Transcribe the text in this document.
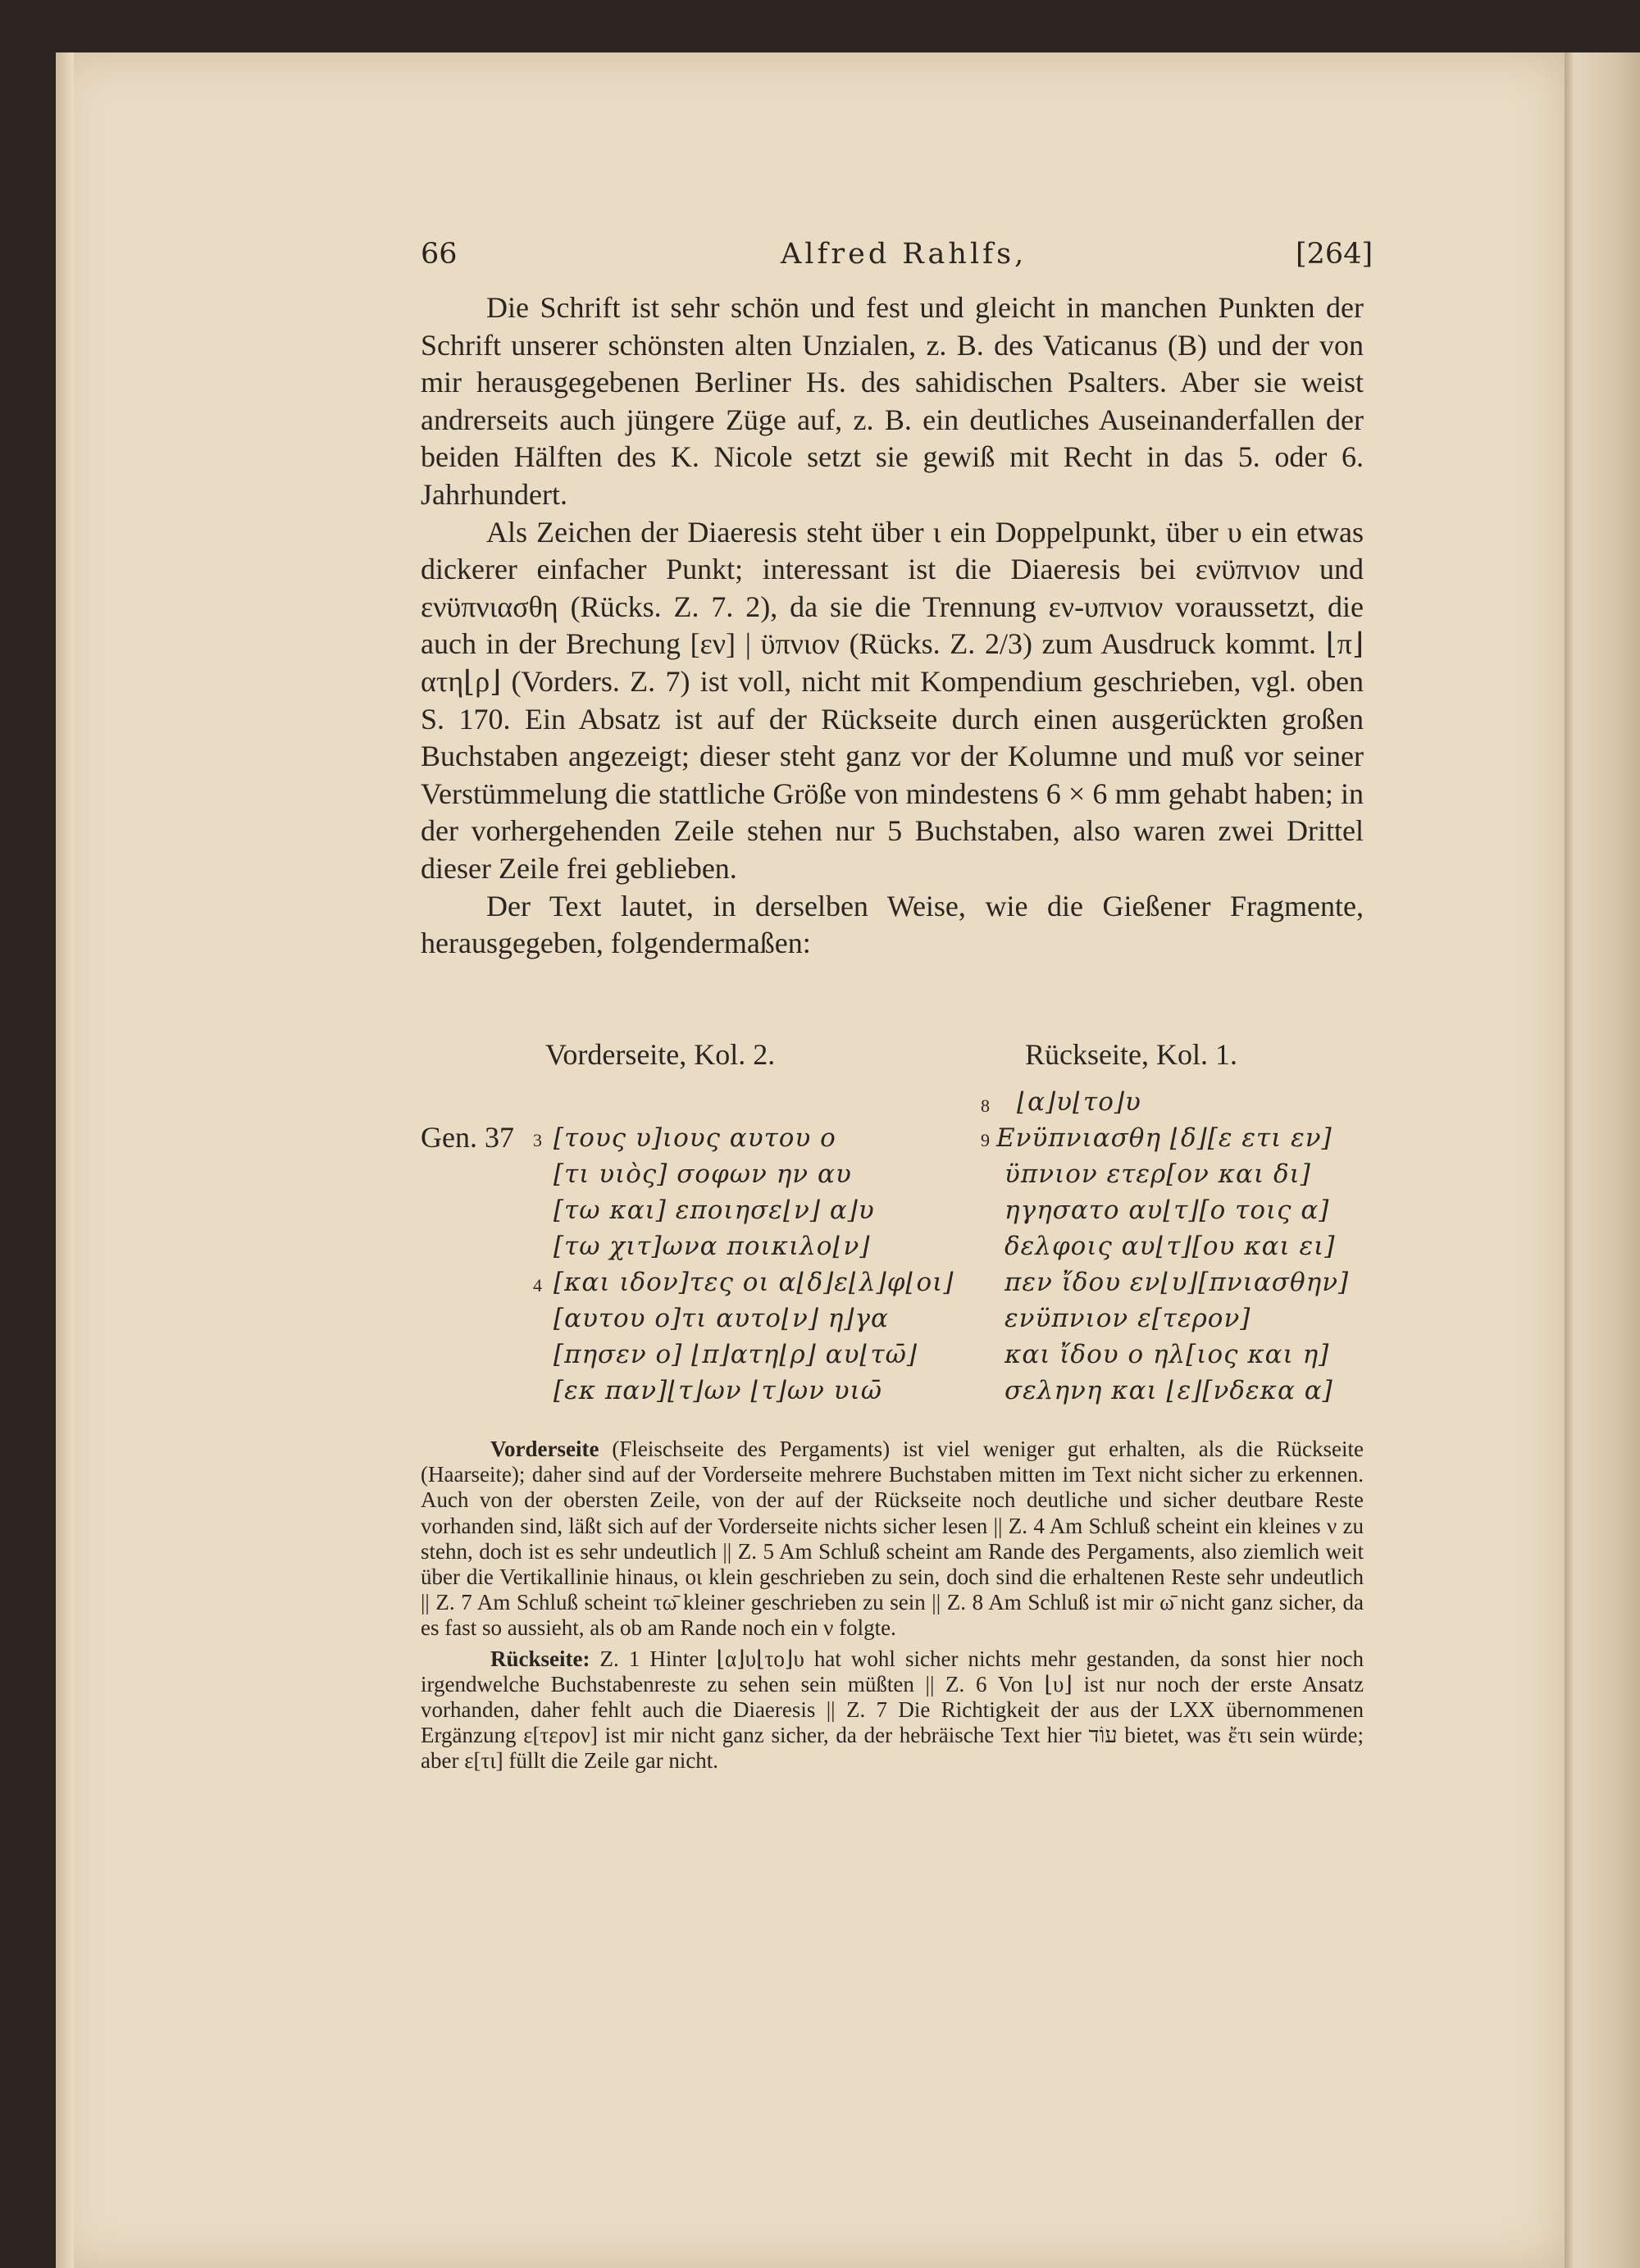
66	Alfred Rahlfs,	[264]

Die Schrift ist sehr schön und fest und gleicht in manchen Punkten der Schrift unserer schönsten alten Unzialen, z. B. des Vaticanus (B) und der von mir herausgegebenen Berliner Hs. des sahidischen Psalters. Aber sie weist andrerseits auch jüngere Züge auf, z. B. ein deutliches Auseinanderfallen der beiden Hälften des K. Nicole setzt sie gewiß mit Recht in das 5. oder 6. Jahrhundert.

Als Zeichen der Diaeresis steht über ι ein Doppelpunkt, über υ ein etwas dickerer einfacher Punkt; interessant ist die Diaeresis bei ενϋπνιον und ενϋπνιασθη (Rücks. Z. 7. 2), da sie die Trennung εν-υπνιον voraussetzt, die auch in der Brechung [εν] | ϋπνιον (Rücks. Z. 2/3) zum Ausdruck kommt. ⌊π⌋ατη⌊ρ⌋ (Vorders. Z. 7) ist voll, nicht mit Kompendium geschrieben, vgl. oben S. 170. Ein Absatz ist auf der Rückseite durch einen ausgerückten großen Buchstaben angezeigt; dieser steht ganz vor der Kolumne und muß vor seiner Verstümmelung die stattliche Größe von mindestens 6 × 6 mm gehabt haben; in der vorhergehenden Zeile stehen nur 5 Buchstaben, also waren zwei Drittel dieser Zeile frei geblieben.

Der Text lautet, in derselben Weise, wie die Gießener Fragmente, herausgegeben, folgendermaßen:

Vorderseite, Kol. 2.	Rückseite, Kol. 1.
Gen. 37 3 [τους υ]ιους αυτου ο
[τι υιὸς] σοφων ην αυ
[τω και] εποιησε⌊ν⌋ α⌋υ
[τω χιτ]ωνα ποικιλο⌊ν⌋
4 [και ιδον]τες οι α⌊δ⌋ε⌊λ⌋φ⌊οι⌋
[αυτου ο]τι αυτο⌊ν⌋ η⌋γα
[πησεν ο] ⌊π⌋ατη⌊ρ⌋ αυ⌊τω̄⌋
[εκ παν]⌊τ⌋ων ⌊τ⌋ων υιω̄
8 ⌊α⌋υ⌊το⌋υ
9 Ενϋπνιασθη ⌊δ⌋[ε ετι εν]
ϋπνιον ετερ[ον και δι]
ηγησατο αυ⌊τ⌋[ο τοις α]
δελφοις αυ⌊τ⌋[ου και ει]
πεν ἴδου εν⌊υ⌋[πνιασθην]
ενϋπνιον ε[τερον]
και ἴδου ο ηλ[ιος και η]
σεληνη και ⌊ε⌋[νδεκα α]

Vorderseite (Fleischseite des Pergaments) ist viel weniger gut erhalten, als die Rückseite (Haarseite); daher sind auf der Vorderseite mehrere Buchstaben mitten im Text nicht sicher zu erkennen. Auch von der obersten Zeile, von der auf der Rückseite noch deutliche und sicher deutbare Reste vorhanden sind, läßt sich auf der Vorderseite nichts sicher lesen || Z. 4 Am Schluß scheint ein kleines ν zu stehn, doch ist es sehr undeutlich || Z. 5 Am Schluß scheint am Rande des Pergaments, also ziemlich weit über die Vertikallinie hinaus, οι klein geschrieben zu sein, doch sind die erhaltenen Reste sehr undeutlich || Z. 7 Am Schluß scheint τω̄ kleiner geschrieben zu sein || Z. 8 Am Schluß ist mir ω̄ nicht ganz sicher, da es fast so aussieht, als ob am Rande noch ein ν folgte.

Rückseite: Z. 1 Hinter ⌊α⌋υ⌊το⌋υ hat wohl sicher nichts mehr gestanden, da sonst hier noch irgendwelche Buchstabenreste zu sehen sein müßten || Z. 6 Von ⌊υ⌋ ist nur noch der erste Ansatz vorhanden, daher fehlt auch die Diaeresis || Z. 7 Die Richtigkeit der aus der LXX übernommenen Ergänzung ε[τερον] ist mir nicht ganz sicher, da der hebräische Text hier עוֹד bietet, was ἔτι sein würde; aber ε[τι] füllt die Zeile gar nicht.
